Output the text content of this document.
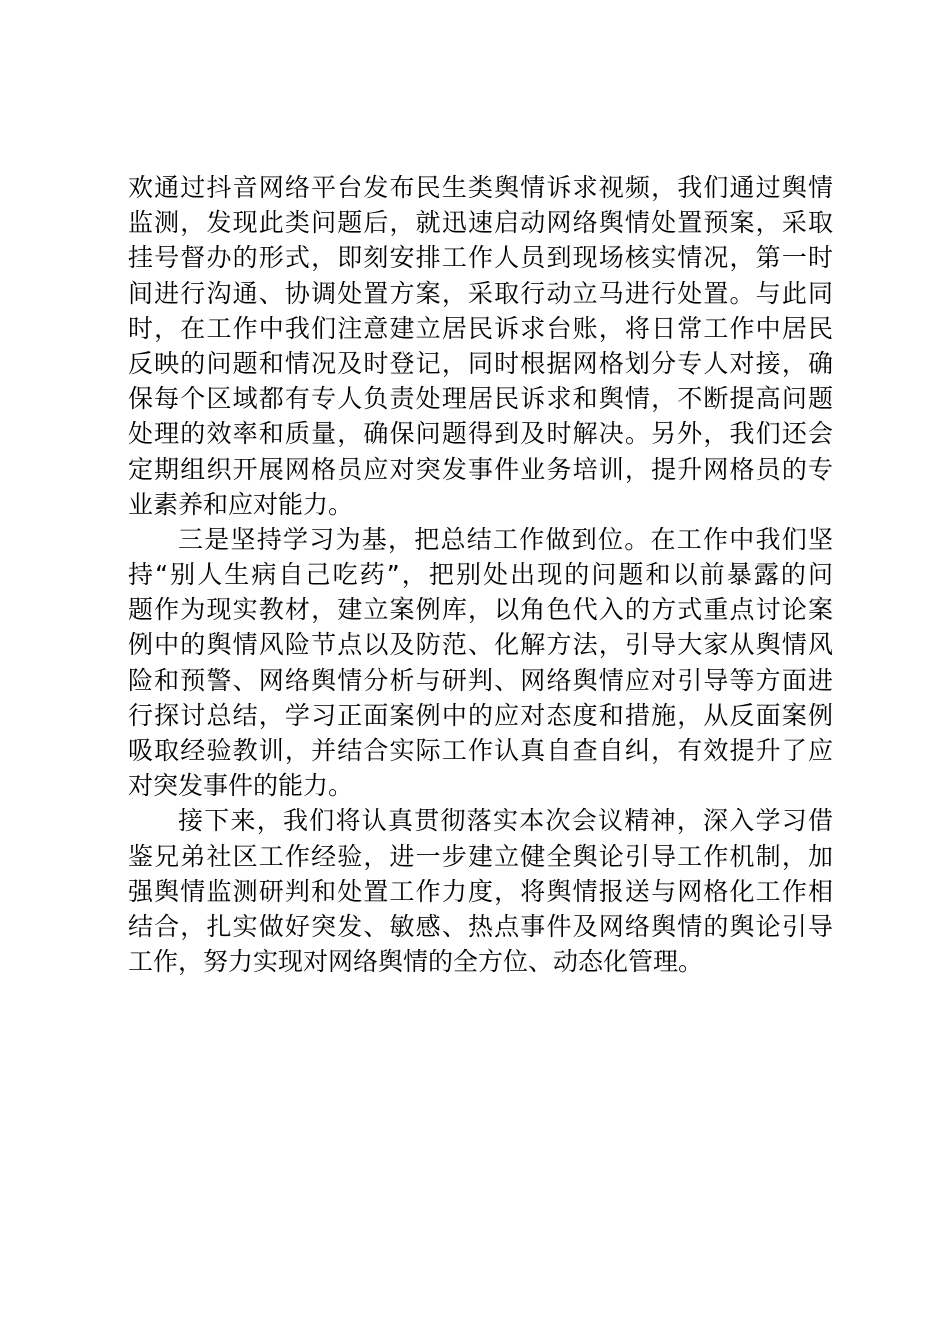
欢通过抖音网络平台发布民生类舆情诉求视频，我们通过舆情
监测，发现此类问题后，就迅速启动网络舆情处置预案，采取
挂号督办的形式，即刻安排工作人员到现场核实情况，第一时
间进行沟通、协调处置方案，采取行动立马进行处置。与此同
时，在工作中我们注意建立居民诉求台账，将日常工作中居民
反映的问题和情况及时登记，同时根据网格划分专人对接，确
保每个区域都有专人负责处理居民诉求和舆情，不断提高问题
处理的效率和质量，确保问题得到及时解决。另外，我们还会
定期组织开展网格员应对突发事件业务培训，提升网格员的专
业素养和应对能力。
三是坚持学习为基，把总结工作做到位。在工作中我们坚
持“别人生病自己吃药”，把别处出现的问题和以前暴露的问
题作为现实教材，建立案例库，以角色代入的方式重点讨论案
例中的舆情风险节点以及防范、化解方法，引导大家从舆情风
险和预警、网络舆情分析与研判、网络舆情应对引导等方面进
行探讨总结，学习正面案例中的应对态度和措施，从反面案例
吸取经验教训，并结合实际工作认真自查自纠，有效提升了应
对突发事件的能力。
接下来，我们将认真贯彻落实本次会议精神，深入学习借
鉴兄弟社区工作经验，进一步建立健全舆论引导工作机制，加
强舆情监测研判和处置工作力度，将舆情报送与网格化工作相
结合，扎实做好突发、敏感、热点事件及网络舆情的舆论引导
工作，努力实现对网络舆情的全方位、动态化管理。
